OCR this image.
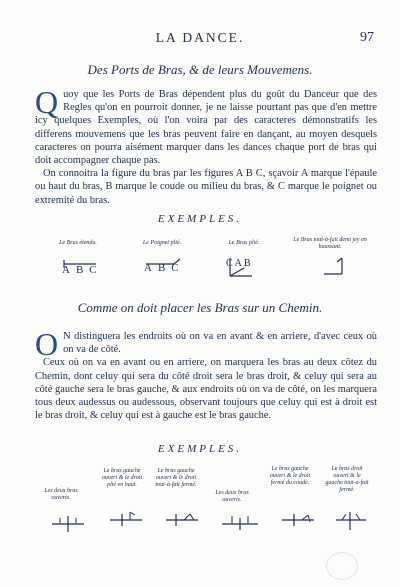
LA DANCE.	97
Des Ports de Bras, & de leurs Mouvemens.

Quoy que les Ports de Bras dépendent plus du goût du Danceur que des Regles qu'on en pourroit donner, je ne laisse pourtant pas que d'en mettre icy quelques Exemples, où l'on voira par des caracteres démonstratifs les differens mouvemens que les bras peuvent faire en dançant, au moyen desquels caracteres on pourra aisément marquer dans les dances chaque port de bras qui doit accompagner chaque pas.

On connoitra la figure du bras par les figures A B C, sçavoir A marque l'épaule ou haut du bras, B marque le coude ou milieu du bras, & C marque le poignet ou extremité du bras.

EXEMPLES.
Le Bras étendu.	Le Poignet plié.	Le Bras plié.	Le Bras tout-à-fait demi jey en haussant.
ABC	ABC	CAB
Comme on doit placer les Bras sur un Chemin.

O N distinguera les endroits où on va en avant & en arriere, d'avec ceux où on va de côté.

Ceux où on va en avant ou en arriere, on marquera les bras au deux côtez du Chemin, dont celuy qui sera du côté droit sera le bras droit, & celuy qui sera au côté gauche sera le bras gauche, & aux endroits où on va de côté, on les marquera tous deux audessus ou audessous, observant toujours que celuy qui est à droit est le bras droit, & celuy qui est à gauche est le bras gauche.

EXEMPLES.
Les deux bras ouverts.
Le bras gauche ouvert & le droit plié en haut.
Le bras gauche ouvert & le droit tout-à-fait fermé.
Les deux bras ouverts.
Le bras gauche ouvert & le droit fermé du coude.
Le bras droit ouvert & le gauche tout-à-fait fermé.
